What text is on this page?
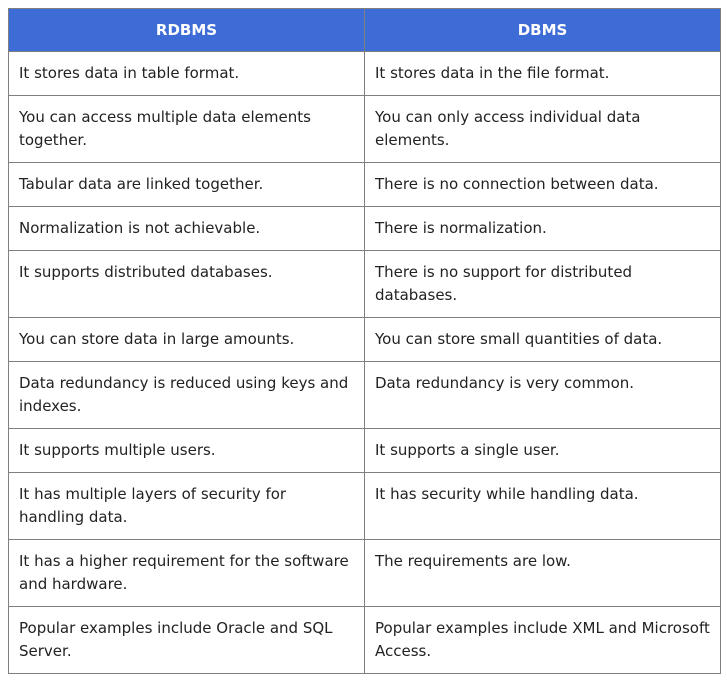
RDBMS	DBMS
It stores data in table format.	It stores data in the file format.
You can access multiple data elements together.	You can only access individual data elements.
Tabular data are linked together.	There is no connection between data.
Normalization is not achievable.	There is normalization.
It supports distributed databases.	There is no support for distributed databases.
You can store data in large amounts.	You can store small quantities of data.
Data redundancy is reduced using keys and indexes.	Data redundancy is very common.
It supports multiple users.	It supports a single user.
It has multiple layers of security for handling data.	It has security while handling data.
It has a higher requirement for the software and hardware.	The requirements are low.
Popular examples include Oracle and SQL Server.	Popular examples include XML and Microsoft Access.
